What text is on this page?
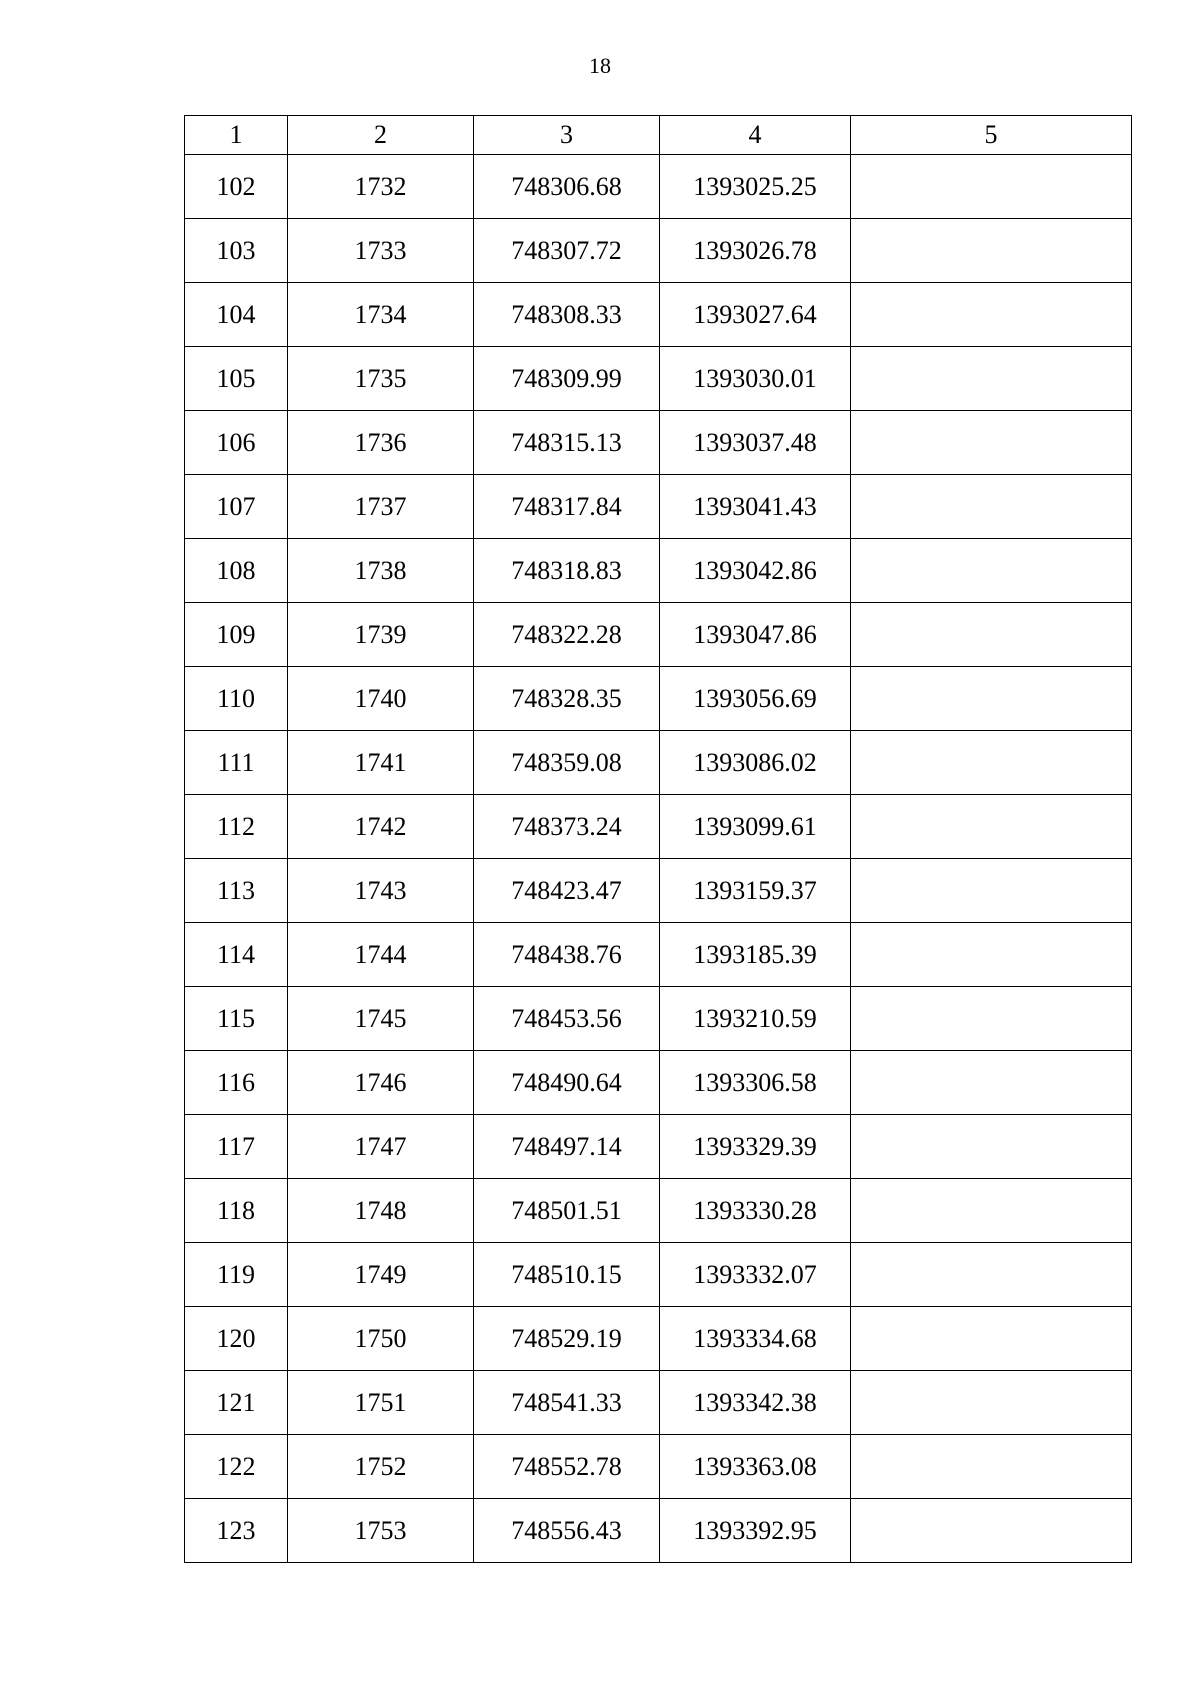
18
1	2	3	4	5
102	1732	748306.68	1393025.25	
103	1733	748307.72	1393026.78	
104	1734	748308.33	1393027.64	
105	1735	748309.99	1393030.01	
106	1736	748315.13	1393037.48	
107	1737	748317.84	1393041.43	
108	1738	748318.83	1393042.86	
109	1739	748322.28	1393047.86	
110	1740	748328.35	1393056.69	
111	1741	748359.08	1393086.02	
112	1742	748373.24	1393099.61	
113	1743	748423.47	1393159.37	
114	1744	748438.76	1393185.39	
115	1745	748453.56	1393210.59	
116	1746	748490.64	1393306.58	
117	1747	748497.14	1393329.39	
118	1748	748501.51	1393330.28	
119	1749	748510.15	1393332.07	
120	1750	748529.19	1393334.68	
121	1751	748541.33	1393342.38	
122	1752	748552.78	1393363.08	
123	1753	748556.43	1393392.95	
